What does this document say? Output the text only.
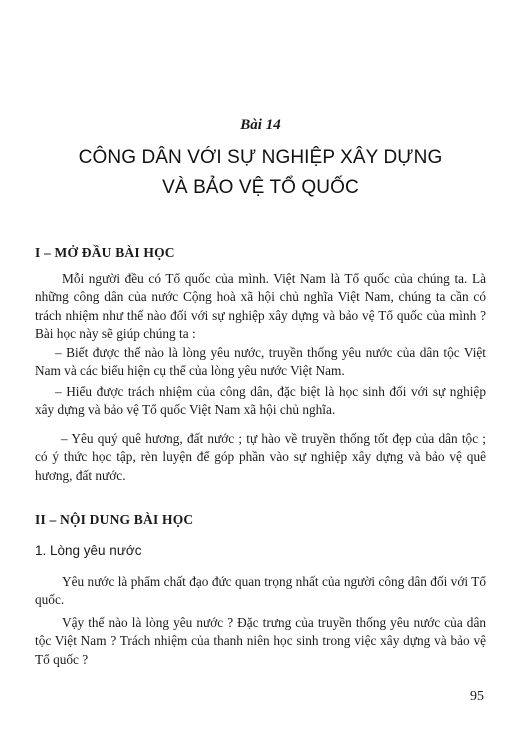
Bài 14
CÔNG DÂN VỚI SỰ NGHIỆP XÂY DỰNG
VÀ BẢO VỆ TỔ QUỐC
I – MỞ ĐẦU BÀI HỌC

Mỗi người đều có Tổ quốc của mình. Việt Nam là Tổ quốc của chúng ta. Là những công dân của nước Cộng hoà xã hội chủ nghĩa Việt Nam, chúng ta cần có trách nhiệm như thế nào đối với sự nghiệp xây dựng và bảo vệ Tổ quốc của mình ? Bài học này sẽ giúp chúng ta :

– Biết được thế nào là lòng yêu nước, truyền thống yêu nước của dân tộc Việt Nam và các biểu hiện cụ thể của lòng yêu nước Việt Nam.

– Hiểu được trách nhiệm của công dân, đặc biệt là học sinh đối với sự nghiệp xây dựng và bảo vệ Tổ quốc Việt Nam xã hội chủ nghĩa.

– Yêu quý quê hương, đất nước ; tự hào về truyền thống tốt đẹp của dân tộc ; có ý thức học tập, rèn luyện để góp phần vào sự nghiệp xây dựng và bảo vệ quê hương, đất nước.

II – NỘI DUNG BÀI HỌC
1. Lòng yêu nước

Yêu nước là phẩm chất đạo đức quan trọng nhất của người công dân đối với Tổ quốc.

Vậy thế nào là lòng yêu nước ? Đặc trưng của truyền thống yêu nước của dân tộc Việt Nam ? Trách nhiệm của thanh niên học sinh trong việc xây dựng và bảo vệ Tổ quốc ?

95
